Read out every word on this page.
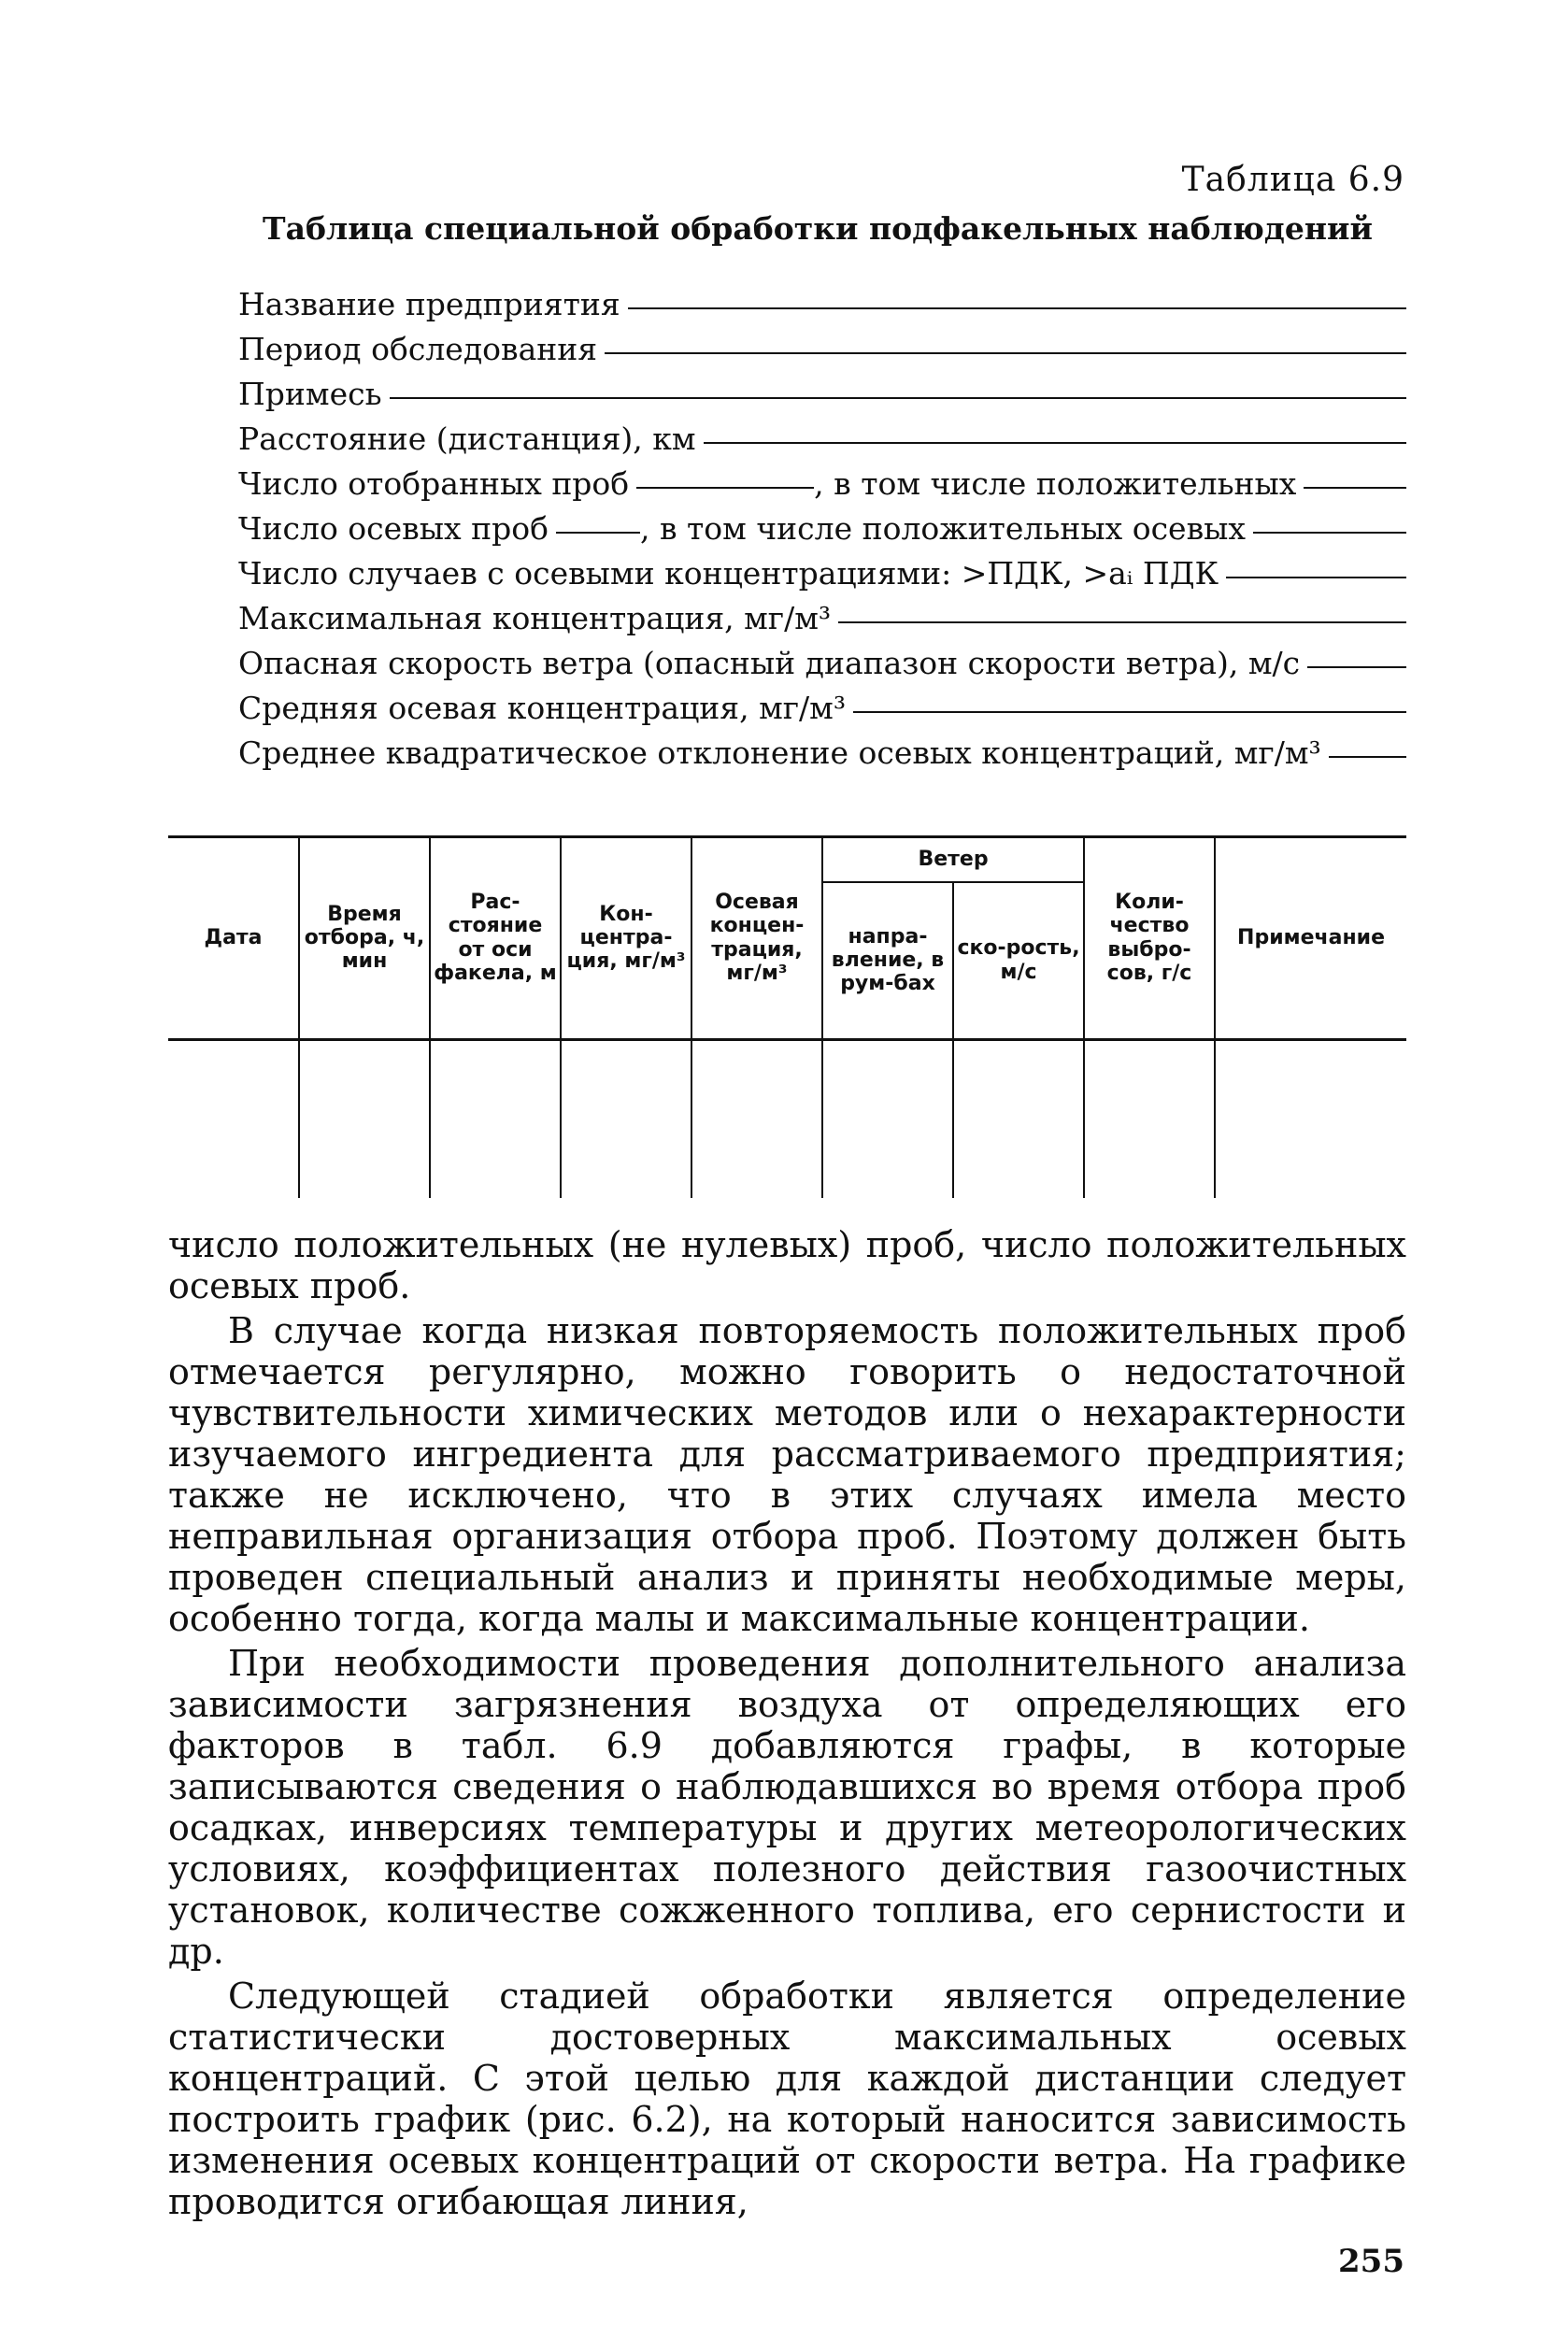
Таблица 6.9
Таблица специальной обработки подфакельных наблюдений
Название предприятия
Период обследования
Примесь
Расстояние (дистанция), км
Число отобранных проб	, в том числе положительных
Число осевых проб	, в том числе положительных осевых
Число случаев с осевыми концентрациями: >ПДК, >aᵢ ПДК
Максимальная концентрация, мг/м³
Опасная скорость ветра (опасный диапазон скорости ветра), м/с
Средняя осевая концентрация, мг/м³
Среднее квадратическое отклонение осевых концентраций, мг/м³
Дата	Время отбора, ч, мин	Рас-стояние от оси факела, м	Кон-центра-ция, мг/м³	Осевая концен-трация, мг/м³	Ветер		Коли-чество выбро-сов, г/с	Примечание
					напра-вление, в рум-бах	ско-рость, м/с		

число положительных (не нулевых) проб, число положительных осевых проб.

В случае когда низкая повторяемость положительных проб отмечается регулярно, можно говорить о недостаточной чувствительности химических методов или о нехарактерности изучаемого ингредиента для рассматриваемого предприятия; также не исключено, что в этих случаях имела место неправильная организация отбора проб. Поэтому должен быть проведен специальный анализ и приняты необходимые меры, особенно тогда, когда малы и максимальные концентрации.

При необходимости проведения дополнительного анализа зависимости загрязнения воздуха от определяющих его факторов в табл. 6.9 добавляются графы, в которые записываются сведения о наблюдавшихся во время отбора проб осадках, инверсиях температуры и других метеорологических условиях, коэффициентах полезного действия газоочистных установок, количестве сожженного топлива, его сернистости и др.

Следующей стадией обработки является определение статистически достоверных максимальных осевых концентраций. С этой целью для каждой дистанции следует построить график (рис. 6.2), на который наносится зависимость изменения осевых концентраций от скорости ветра. На графике проводится огибающая линия,

255
